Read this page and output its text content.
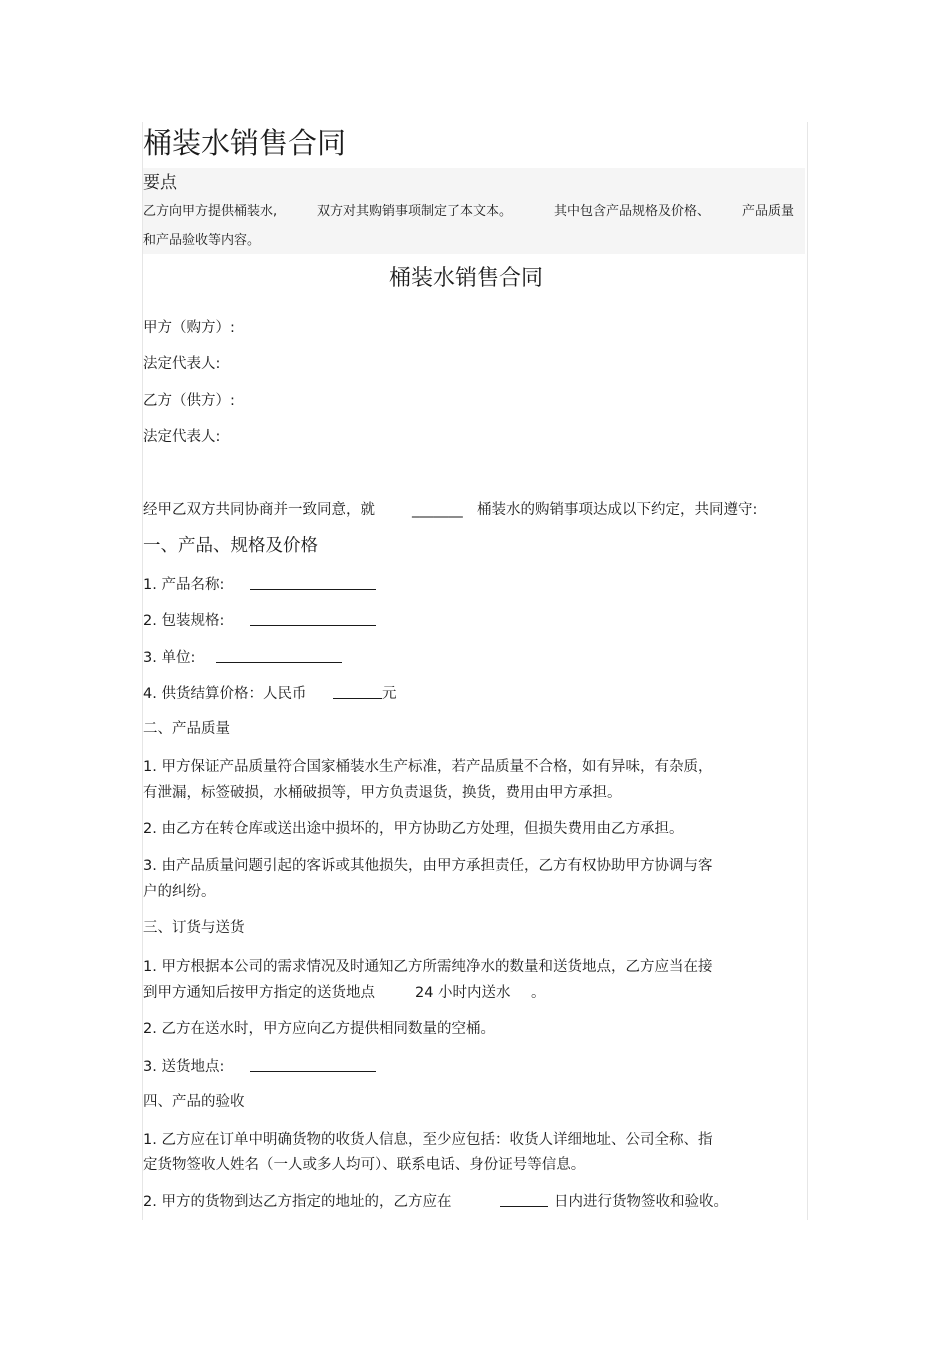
桶装水销售合同
要点
乙方向甲方提供桶装水,	双方对其购销事项制定了本文本。	其中包含产品规格及价格、 产品质量
和产品验收等内容。
桶装水销售合同
甲方（购方）:
法定代表人:
乙方（供方）:
法定代表人:
经甲乙双方共同协商并一致同意，就	_______ 桶装水的购销事项达成以下约定，共同遵守:
一、产品、规格及价格
1. 产品名称:
2. 包装规格:
3. 单位:
4. 供货结算价格：人民币	元
二、产品质量
1. 甲方保证产品质量符合国家桶装水生产标准，若产品质量不合格，如有异味，有杂质，
有泄漏，标签破损，水桶破损等，甲方负责退货，换货，费用由甲方承担。
2. 由乙方在转仓库或送出途中损坏的，甲方协助乙方处理，但损失费用由乙方承担。
3. 由产品质量问题引起的客诉或其他损失，由甲方承担责任，乙方有权协助甲方协调与客
户的纠纷。
三、订货与送货
1. 甲方根据本公司的需求情况及时通知乙方所需纯净水的数量和送货地点，乙方应当在接
到甲方通知后按甲方指定的送货地点	24 小时内送水 。
2. 乙方在送水时，甲方应向乙方提供相同数量的空桶。
3. 送货地点:
四、产品的验收
1. 乙方应在订单中明确货物的收货人信息，至少应包括：收货人详细地址、公司全称、指
定货物签收人姓名（一人或多人均可）、联系电话、身份证号等信息。
2. 甲方的货物到达乙方指定的地址的，乙方应在	日内进行货物签收和验收。
